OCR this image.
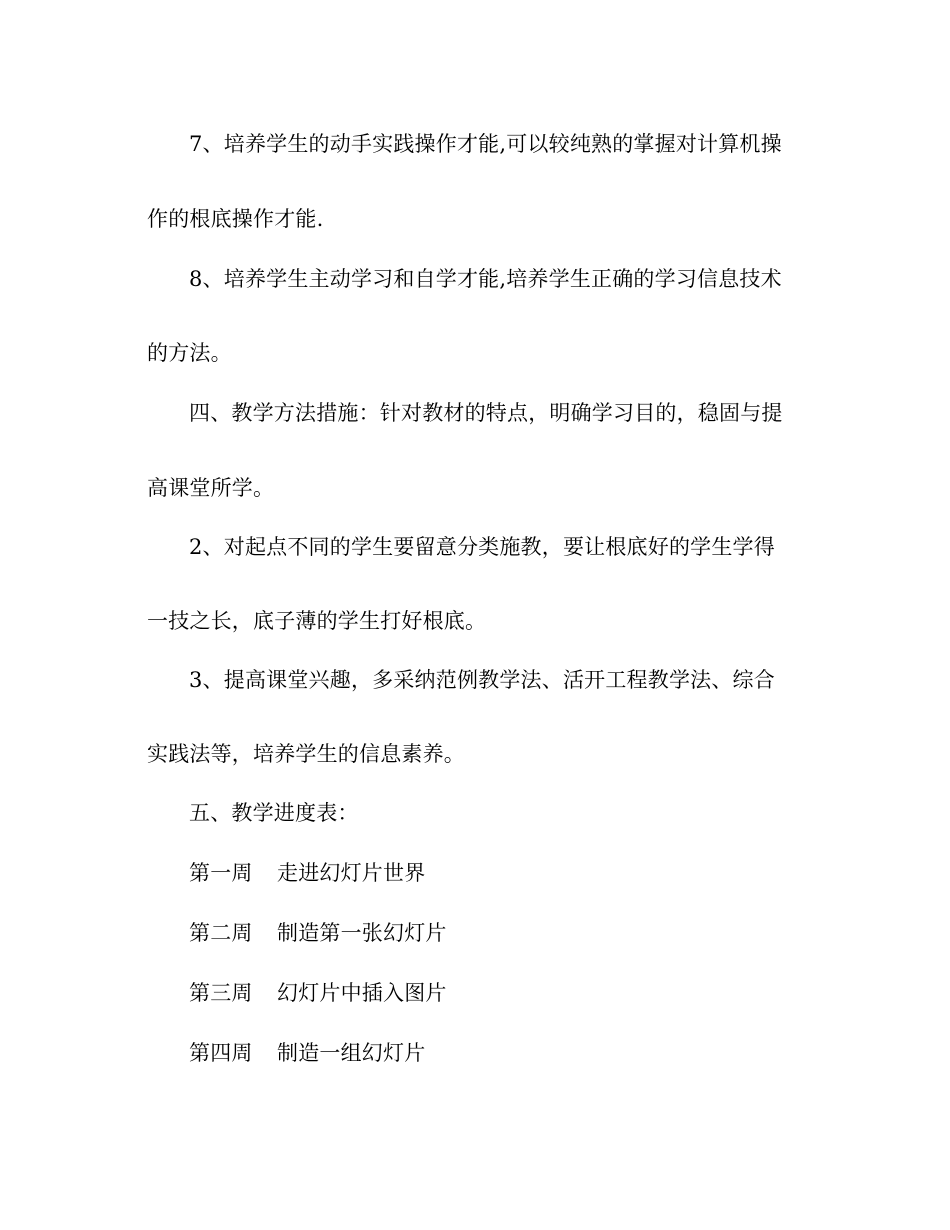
7、培养学生的动手实践操作才能,可以较纯熟的掌握对计算机操
作的根底操作才能.
8、培养学生主动学习和自学才能,培养学生正确的学习信息技术
的方法。
四、教学方法措施：针对教材的特点，明确学习目的，稳固与提
高课堂所学。
2、对起点不同的学生要留意分类施教，要让根底好的学生学得
一技之长，底子薄的学生打好根底。
3、提高课堂兴趣，多采纳范例教学法、活开工程教学法、综合
实践法等，培养学生的信息素养。
五、教学进度表：
第一周 走进幻灯片世界
第二周 制造第一张幻灯片
第三周 幻灯片中插入图片
第四周 制造一组幻灯片
